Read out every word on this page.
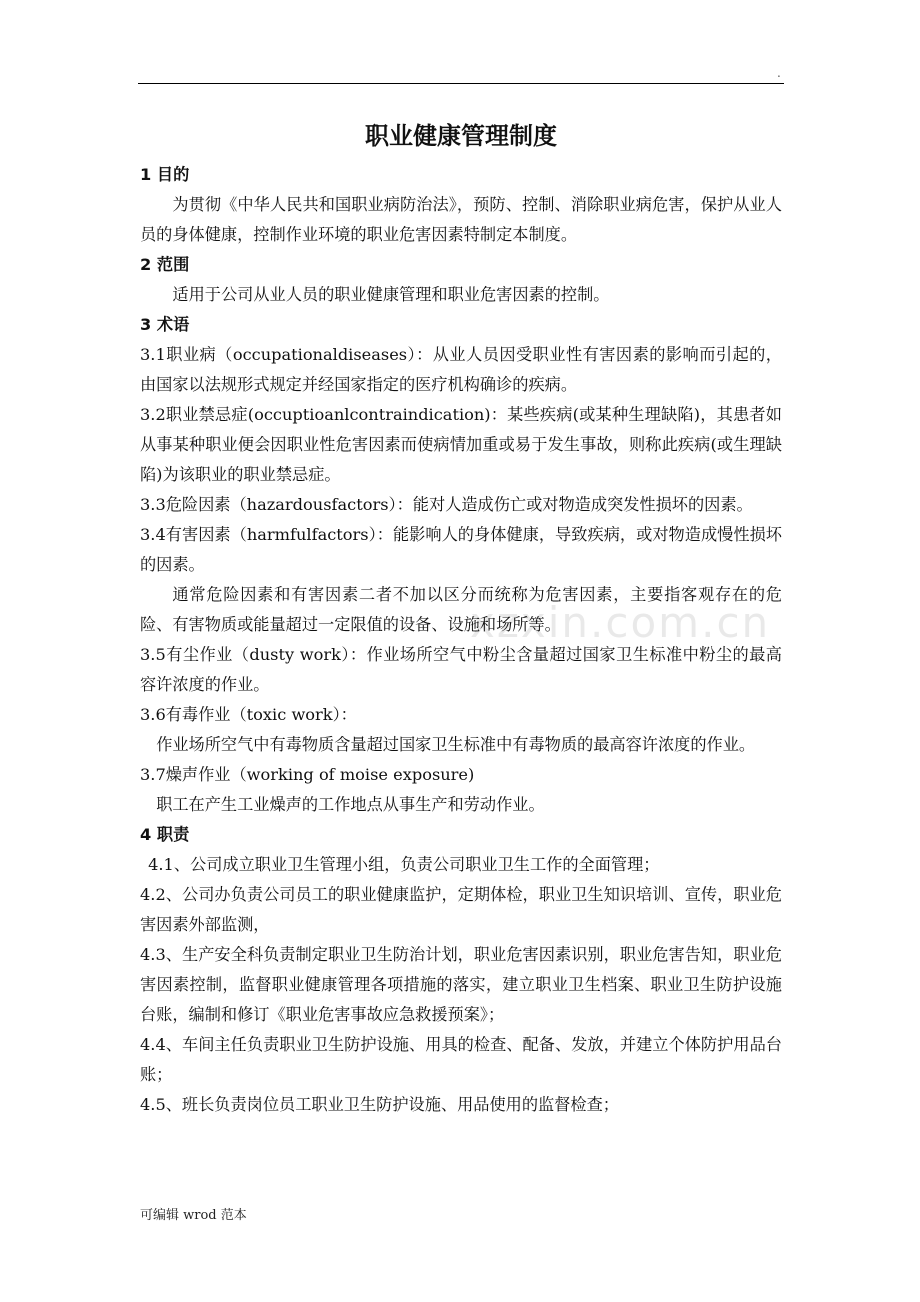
.
xzxin.com.cn
职业健康管理制度

1 目的

为贯彻《中华人民共和国职业病防治法》，预防、控制、消除职业病危害，保护从业人员的身体健康，控制作业环境的职业危害因素特制定本制度。

2 范围

适用于公司从业人员的职业健康管理和职业危害因素的控制。

3 术语

3.1职业病（occupationaldiseases）：从业人员因受职业性有害因素的影响而引起的，由国家以法规形式规定并经国家指定的医疗机构确诊的疾病。

3.2职业禁忌症(occuptioanlcontraindication)：某些疾病(或某种生理缺陷)，其患者如从事某种职业便会因职业性危害因素而使病情加重或易于发生事故，则称此疾病(或生理缺陷)为该职业的职业禁忌症。

3.3危险因素（hazardousfactors）：能对人造成伤亡或对物造成突发性损坏的因素。

3.4有害因素（harmfulfactors）：能影响人的身体健康，导致疾病，或对物造成慢性损坏的因素。

通常危险因素和有害因素二者不加以区分而统称为危害因素，主要指客观存在的危险、有害物质或能量超过一定限值的设备、设施和场所等。

3.5有尘作业（dusty work）：作业场所空气中粉尘含量超过国家卫生标准中粉尘的最高容许浓度的作业。

3.6有毒作业（toxic work）：

作业场所空气中有毒物质含量超过国家卫生标准中有毒物质的最高容许浓度的作业。

3.7燥声作业（working of moise exposure)

职工在产生工业燥声的工作地点从事生产和劳动作业。

4 职责

4.1、公司成立职业卫生管理小组，负责公司职业卫生工作的全面管理；

4.2、公司办负责公司员工的职业健康监护，定期体检，职业卫生知识培训、宣传，职业危害因素外部监测，

4.3、生产安全科负责制定职业卫生防治计划，职业危害因素识别，职业危害告知，职业危害因素控制，监督职业健康管理各项措施的落实，建立职业卫生档案、职业卫生防护设施台账，编制和修订《职业危害事故应急救援预案》；

4.4、车间主任负责职业卫生防护设施、用具的检查、配备、发放，并建立个体防护用品台账；

4.5、班长负责岗位员工职业卫生防护设施、用品使用的监督检查；

可编辑 wrod 范本
